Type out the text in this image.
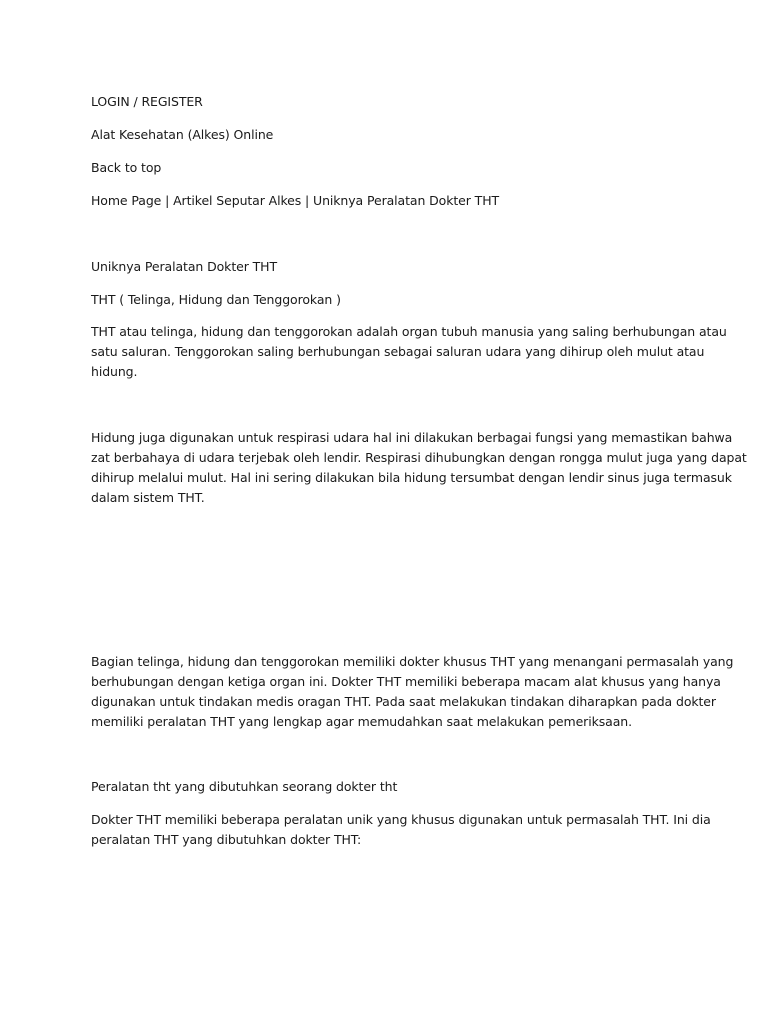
LOGIN / REGISTER

Alat Kesehatan (Alkes) Online

Back to top

Home Page | Artikel Seputar Alkes | Uniknya Peralatan Dokter THT

Uniknya Peralatan Dokter THT

THT ( Telinga, Hidung dan Tenggorokan )

THT atau telinga, hidung dan tenggorokan adalah organ tubuh manusia yang saling berhubungan atau
satu saluran. Tenggorokan saling berhubungan sebagai saluran udara yang dihirup oleh mulut atau
hidung.
Hidung juga digunakan untuk respirasi udara hal ini dilakukan berbagai fungsi yang memastikan bahwa
zat berbahaya di udara terjebak oleh lendir. Respirasi dihubungkan dengan rongga mulut juga yang dapat
dihirup melalui mulut. Hal ini sering dilakukan bila hidung tersumbat dengan lendir sinus juga termasuk
dalam sistem THT.
Bagian telinga, hidung dan tenggorokan memiliki dokter khusus THT yang menangani permasalah yang
berhubungan dengan ketiga organ ini. Dokter THT memiliki beberapa macam alat khusus yang hanya
digunakan untuk tindakan medis oragan THT. Pada saat melakukan tindakan diharapkan pada dokter
memiliki peralatan THT yang lengkap agar memudahkan saat melakukan pemeriksaan.

Peralatan tht yang dibutuhkan seorang dokter tht

Dokter THT memiliki beberapa peralatan unik yang khusus digunakan untuk permasalah THT. Ini dia
peralatan THT yang dibutuhkan dokter THT:
